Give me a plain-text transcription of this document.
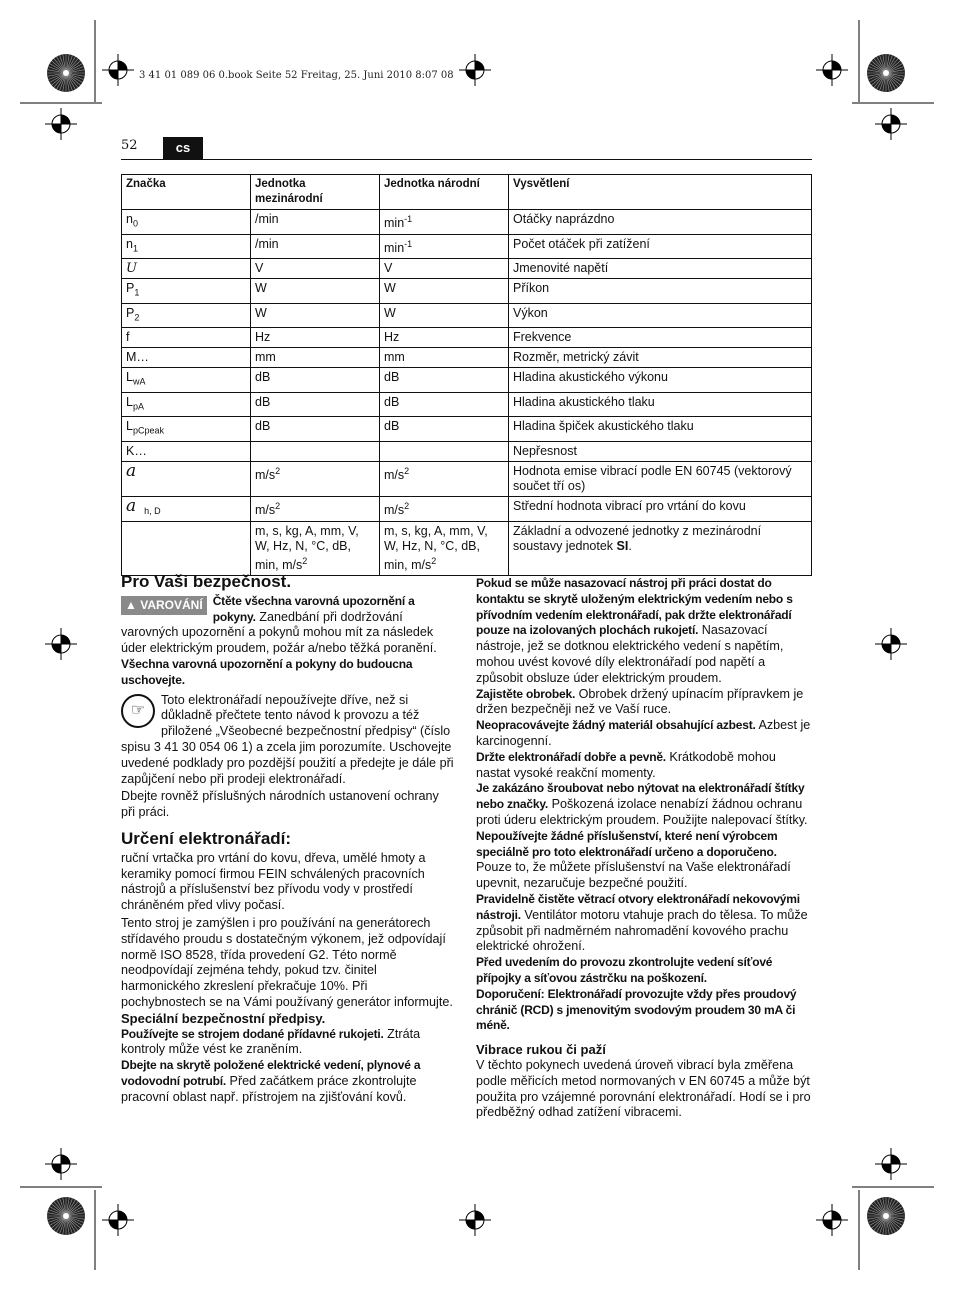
3 41 01 089 06 0.book Seite 52 Freitag, 25. Juni 2010 8:07 08
52	cs
Značka	Jednotka mezinárodní	Jednotka národní	Vysvětlení
$n_0$	/min	$\min^{-1}$	Otáčky naprázdno
$n_1$	/min	$\min^{-1}$	Počet otáček při zatížení
U	V	V	Jmenovité napětí
$P_1$	W	W	Příkon
$P_2$	W	W	Výkon
f	Hz	Hz	Frekvence
M…	mm	mm	Rozměr, metrický závit
$L_{wA}$	dB	dB	Hladina akustického výkonu
$L_{pA}$	dB	dB	Hladina akustického tlaku
$L_{pCpeak}$	dB	dB	Hladina špiček akustického tlaku
K…			Nepřesnost
a	$m/s^2$	$m/s^2$	Hodnota emise vibrací podle EN 60745 (vektorový součet tří os)
a $_{h, D}$	$m/s^2$	$m/s^2$	Střední hodnota vibrací pro vrtání do kovu
	m, s, kg, A, mm, V, W, Hz, N, °C, dB, min, $m/s^2$	m, s, kg, A, mm, V, W, Hz, N, °C, dB, min, $m/s^2$	Základní a odvozené jednotky z mezinárodní soustavy jednotek SI.

Pro Vaši bezpečnost.

▲ VAROVÁNÍ Čtěte všechna varovná upozornění a pokyny. Zanedbání při dodržování varovných upozornění a pokynů mohou mít za následek úder elektrickým proudem, požár a/nebo těžká poranění.

Všechna varovná upozornění a pokyny do budoucna uschovejte.

☞
Toto elektronářadí nepoužívejte dříve, než si důkladně přečtete tento návod k provozu a též přiložené „Všeobecné bezpečnostní předpisy“ (číslo spisu 3 41 30 054 06 1) a zcela jim porozumíte. Uschovejte uvedené podklady pro pozdější použití a předejte je dále při zapůjčení nebo při prodeji elektronářadí.

Dbejte rovněž příslušných národních ustanovení ochrany při práci.

Určení elektronářadí:

ruční vrtačka pro vrtání do kovu, dřeva, umělé hmoty a keramiky pomocí firmou FEIN schválených pracovních nástrojů a příslušenství bez přívodu vody v prostředí chráněném před vlivy počasí.

Tento stroj je zamýšlen i pro používání na generátorech střídavého proudu s dostatečným výkonem, jež odpovídají normě ISO 8528, třída provedení G2. Této normě neodpovídají zejména tehdy, pokud tzv. činitel harmonického zkreslení překračuje 10%. Při pochybnostech se na Vámi používaný generátor informujte.

Speciální bezpečnostní předpisy.

Používejte se strojem dodané přídavné rukojeti. Ztráta kontroly může vést ke zraněním.

Dbejte na skrytě položené elektrické vedení, plynové a vodovodní potrubí. Před začátkem práce zkontrolujte pracovní oblast např. přístrojem na zjišťování kovů.

Pokud se může nasazovací nástroj při práci dostat do kontaktu se skrytě uloženým elektrickým vedením nebo s přívodním vedením elektronářadí, pak držte elektronářadí pouze na izolovaných plochách rukojetí. Nasazovací nástroje, jež se dotknou elektrického vedení s napětím, mohou uvést kovové díly elektronářadí pod napětí a způsobit obsluze úder elektrickým proudem.

Zajistěte obrobek. Obrobek držený upínacím přípravkem je držen bezpečněji než ve Vaší ruce.

Neopracovávejte žádný materiál obsahující azbest. Azbest je karcinogenní.

Držte elektronářadí dobře a pevně. Krátkodobě mohou nastat vysoké reakční momenty.

Je zakázáno šroubovat nebo nýtovat na elektronářadí štítky nebo značky. Poškozená izolace nenabízí žádnou ochranu proti úderu elektrickým proudem. Použijte nalepovací štítky.

Nepoužívejte žádné příslušenství, které není výrobcem speciálně pro toto elektronářadí určeno a doporučeno. Pouze to, že můžete příslušenství na Vaše elektronářadí upevnit, nezaručuje bezpečné použití.

Pravidelně čistěte větrací otvory elektronářadí nekovovými nástroji. Ventilátor motoru vtahuje prach do tělesa. To může způsobit při nadměrném nahromadění kovového prachu elektrické ohrožení.

Před uvedením do provozu zkontrolujte vedení síťové přípojky a síťovou zástrčku na poškození.

Doporučení: Elektronářadí provozujte vždy přes proudový chránič (RCD) s jmenovitým svodovým proudem 30 mA či méně.

Vibrace rukou či paží

V těchto pokynech uvedená úroveň vibrací byla změřena podle měřicích metod normovaných v EN 60745 a může být použita pro vzájemné porovnání elektronářadí. Hodí se i pro předběžný odhad zatížení vibracemi.
